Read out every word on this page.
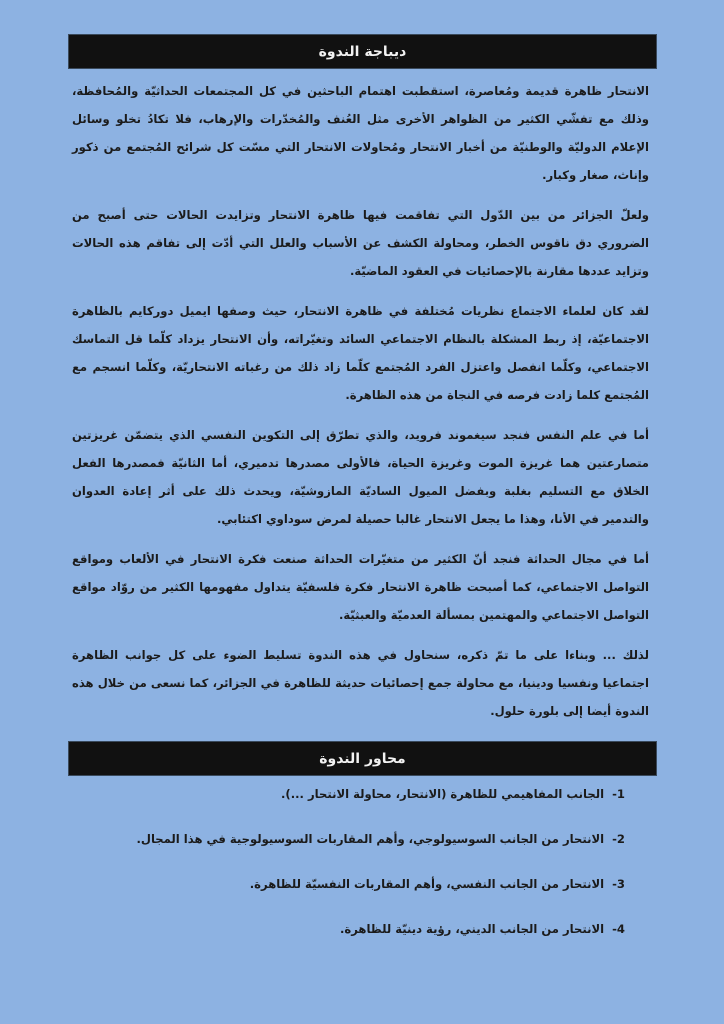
ديباجة الندوة

الانتحار ظاهرة قديمة ومُعاصرة، استقطبت اهتمام الباحثين في كل المجتمعات الحداثيّة والمُحافظة، وذلك مع تفشّي الكثير من الظواهر الأخرى مثل العُنف والمُخدّرات والإرهاب، فلا تكادُ تخلو وسائل الإعلام الدوليّة والوطنيّة من أخبار الانتحار ومُحاولات الانتحار التي مسّت كل شرائح المُجتمع من ذكور وإناث، صغار وكبار.

ولعلّ الجزائر من بين الدّول التي تفاقمت فيها ظاهرة الانتحار وتزايدت الحالات حتى أصبح من الضروري دق ناقوس الخطر، ومحاولة الكشف عن الأسباب والعلل التي أدّت إلى تفاقم هذه الحالات وتزايد عددها مقارنة بالإحصائيات في العقود الماضيّة.

لقد كان لعلماء الاجتماع نظريات مُختلفة في ظاهرة الانتحار، حيث وصفها ايميل دوركايم بالظاهرة الاجتماعيّة، إذ ربط المشكلة بالنظام الاجتماعي السائد وتغيّراته، وأن الانتحار يزداد كلّما قل التماسك الاجتماعي، وكلّما انفصل واعتزل الفرد المُجتمع كلّما زاد ذلك من رغباته الانتحاريّة، وكلّما انسجم مع المُجتمع كلما زادت فرصه في النجاة من هذه الظاهرة.

أما في علم النفس فنجد سيغموند فرويد، والذي تطرّق إلى التكوين النفسي الذي يتضمّن غريزتين متصارعتين هما غريزة الموت وغريزة الحياة، فالأولى مصدرها تدميري، أما الثانيّة فمصدرها الفعل الخلاق مع التسليم بغلبة وبفضل الميول الساديّة المازوشيّة، ويحدث ذلك على أثر إعادة العدوان والتدمير في الأنا، وهذا ما يجعل الانتحار غالبا حصيلة لمرض سوداوي اكتئابي.

أما في مجال الحداثة فنجد أنّ الكثير من متغيّرات الحداثة صنعت فكرة الانتحار في الألعاب ومواقع التواصل الاجتماعي، كما أصبحت ظاهرة الانتحار فكرة فلسفيّة يتداول مفهومها الكثير من روّاد مواقع التواصل الاجتماعي والمهتمين بمسألة العدميّة والعبثيّة.

لذلك ... وبناءا على ما تمّ ذكره، سنحاول في هذه الندوة تسليط الضوء على كل جوانب الظاهرة اجتماعيا ونفسيا ودينيا، مع محاولة جمع إحصائيات حديثة للظاهرة في الجزائر، كما نسعى من خلال هذه الندوة أيضا إلى بلورة حلول.

محاور الندوة
-1 الجانب المفاهيمي للظاهرة (الانتحار، محاولة الانتحار ...).
-2 الانتحار من الجانب السوسيولوجي، وأهم المقاربات السوسيولوجية في هذا المجال.
-3 الانتحار من الجانب النفسي، وأهم المقاربات النفسيّة للظاهرة.
-4 الانتحار من الجانب الديني، رؤية دينيّة للظاهرة.
